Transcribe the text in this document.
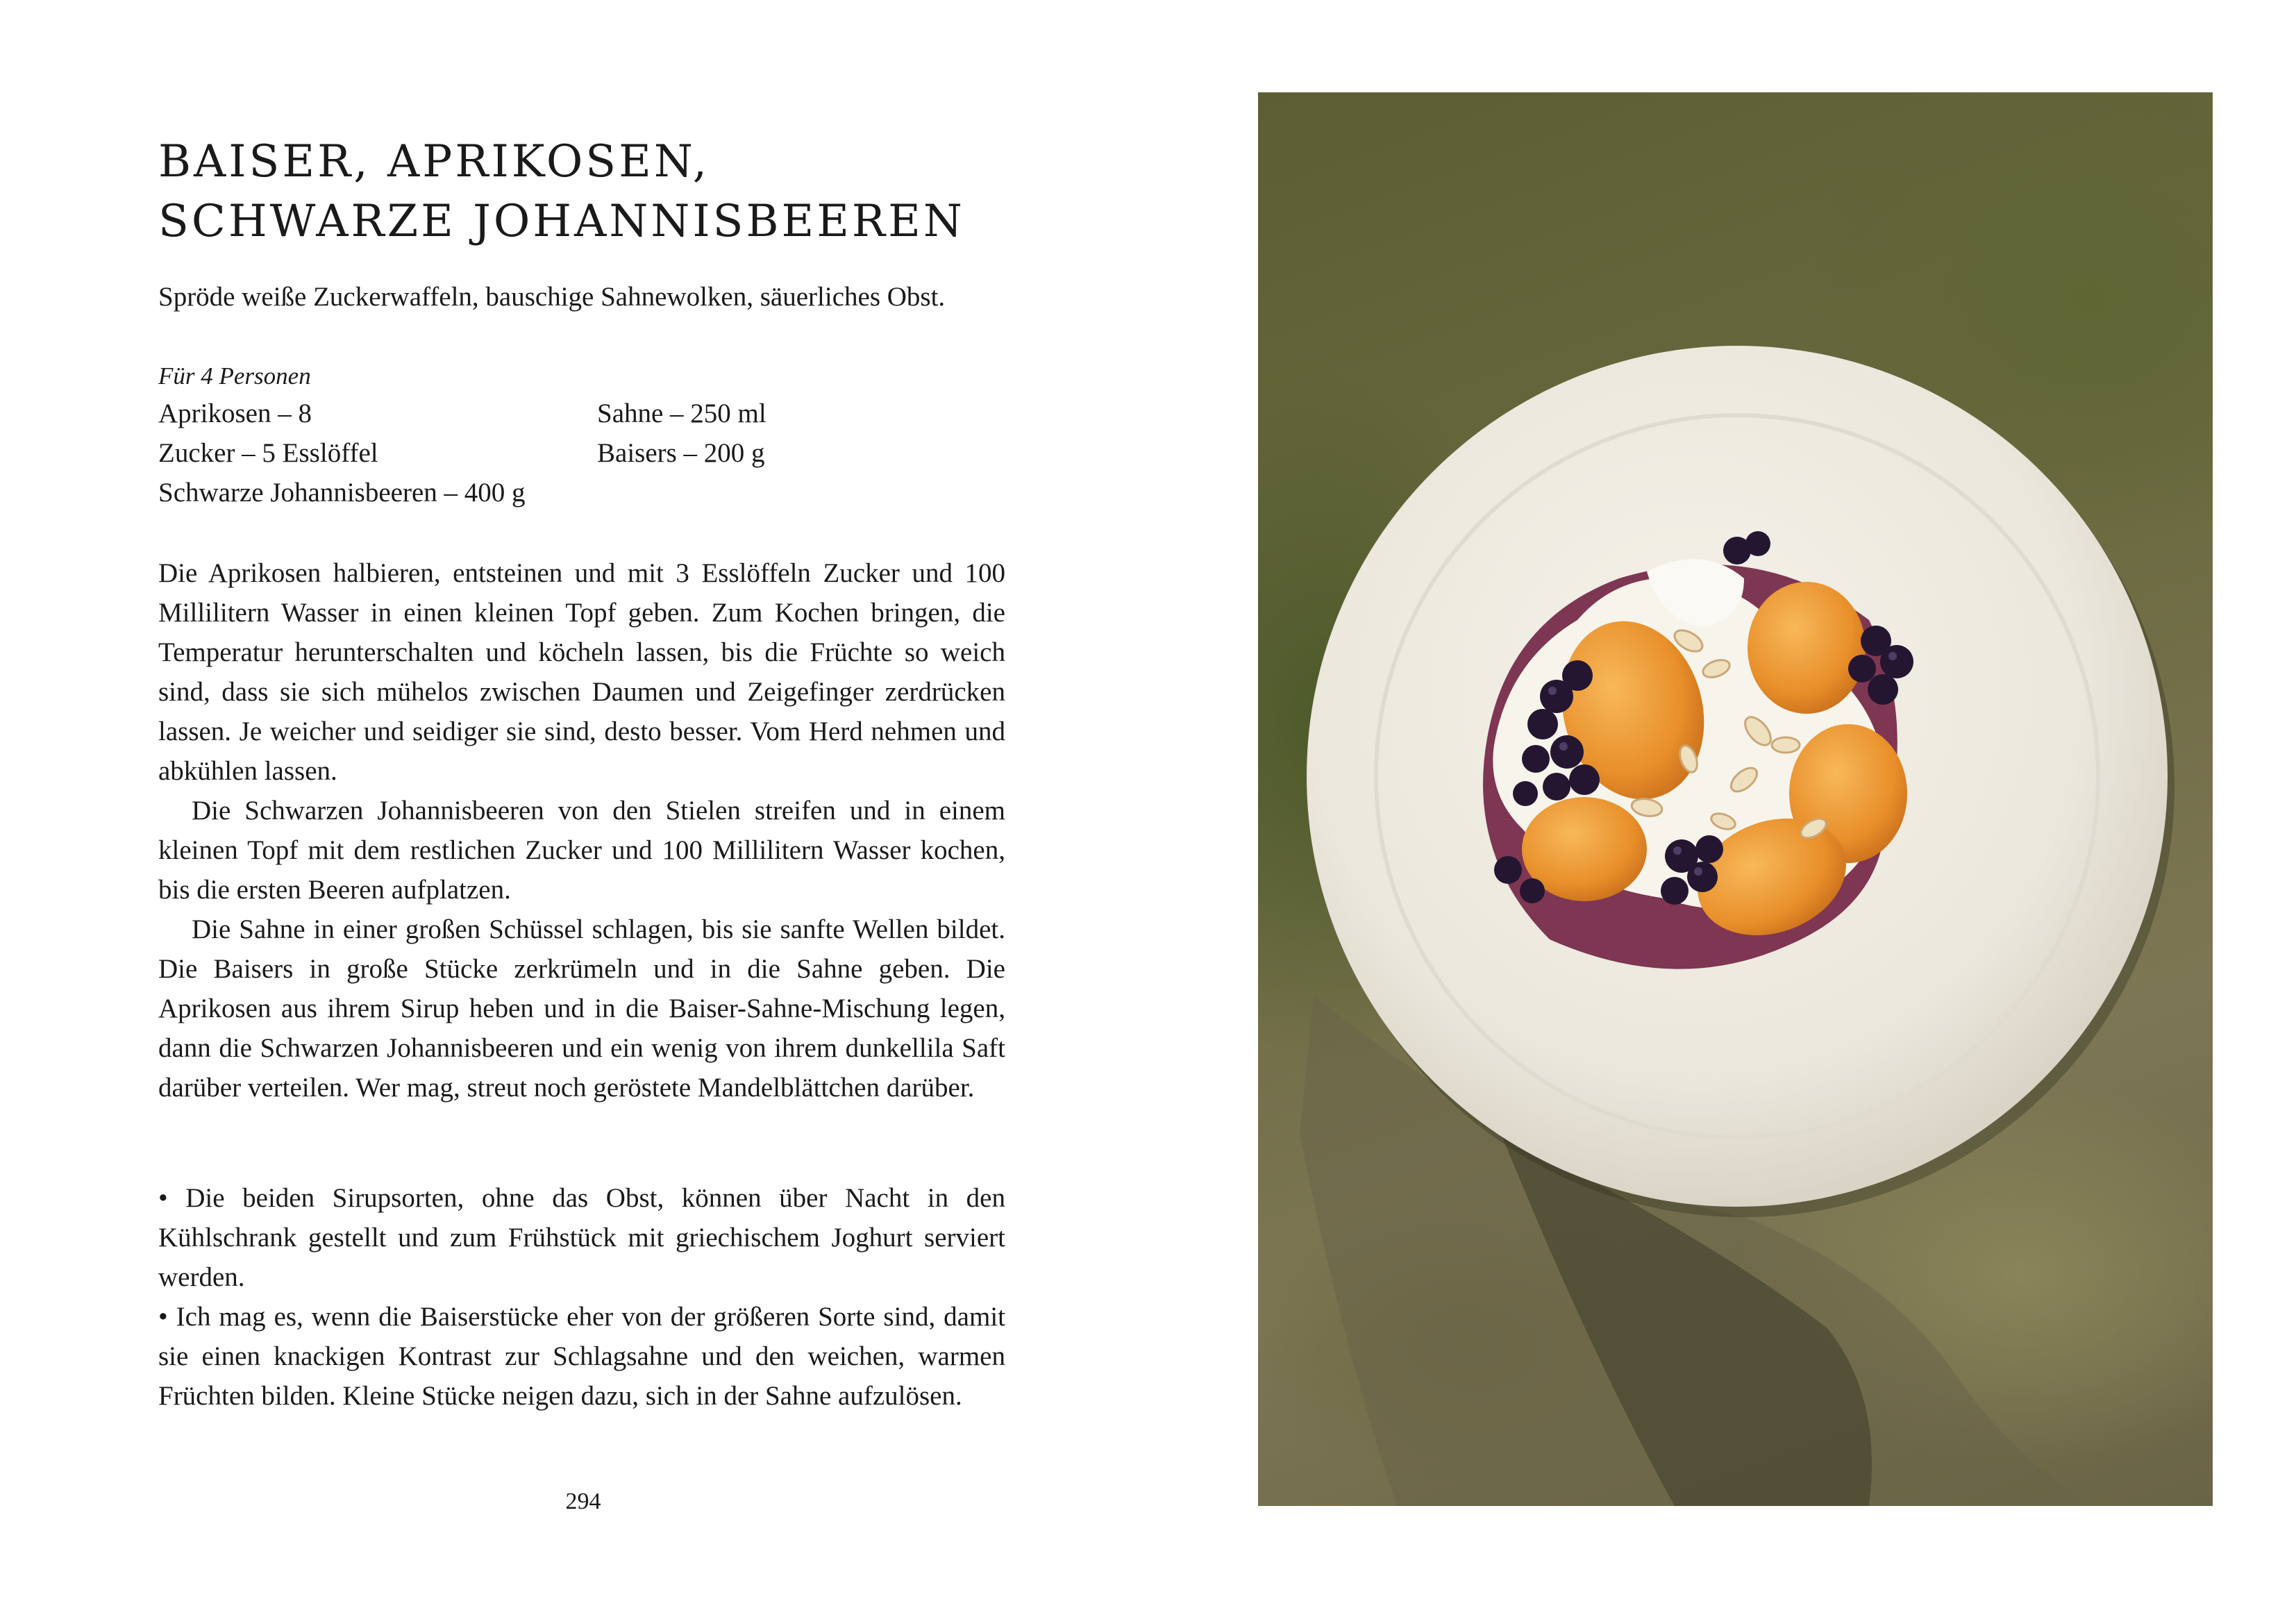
BAISER, APRIKOSEN,
SCHWARZE JOHANNISBEEREN

Spröde weiße Zuckerwaffeln, bauschige Sahnewolken, säuerliches Obst.

Für 4 Personen
Aprikosen – 8
Zucker – 5 Esslöffel
Schwarze Johannisbeeren – 400 g
Sahne – 250 ml
Baisers – 200 g

Die Aprikosen halbieren, entsteinen und mit 3 Esslöffeln Zucker und 100 Millilitern Wasser in einen kleinen Topf geben. Zum Kochen bringen, die Temperatur herunterschalten und köcheln lassen, bis die Früchte so weich sind, dass sie sich mühelos zwischen Daumen und Zeigefinger zerdrücken lassen. Je weicher und seidiger sie sind, desto besser. Vom Herd nehmen und abkühlen lassen.

Die Schwarzen Johannisbeeren von den Stielen streifen und in einem kleinen Topf mit dem restlichen Zucker und 100 Millilitern Wasser kochen, bis die ersten Beeren aufplatzen.

Die Sahne in einer großen Schüssel schlagen, bis sie sanfte Wellen bildet. Die Baisers in große Stücke zerkrümeln und in die Sahne geben. Die Aprikosen aus ihrem Sirup heben und in die Baiser-Sahne-Mischung legen, dann die Schwarzen Johannisbeeren und ein wenig von ihrem dunkellila Saft darüber verteilen. Wer mag, streut noch geröstete Mandelblättchen darüber.

• Die beiden Sirupsorten, ohne das Obst, können über Nacht in den Kühlschrank gestellt und zum Frühstück mit griechischem Joghurt serviert werden.

• Ich mag es, wenn die Baiserstücke eher von der größeren Sorte sind, damit sie einen knackigen Kontrast zur Schlagsahne und den weichen, warmen Früchten bilden. Kleine Stücke neigen dazu, sich in der Sahne aufzulösen.

294
